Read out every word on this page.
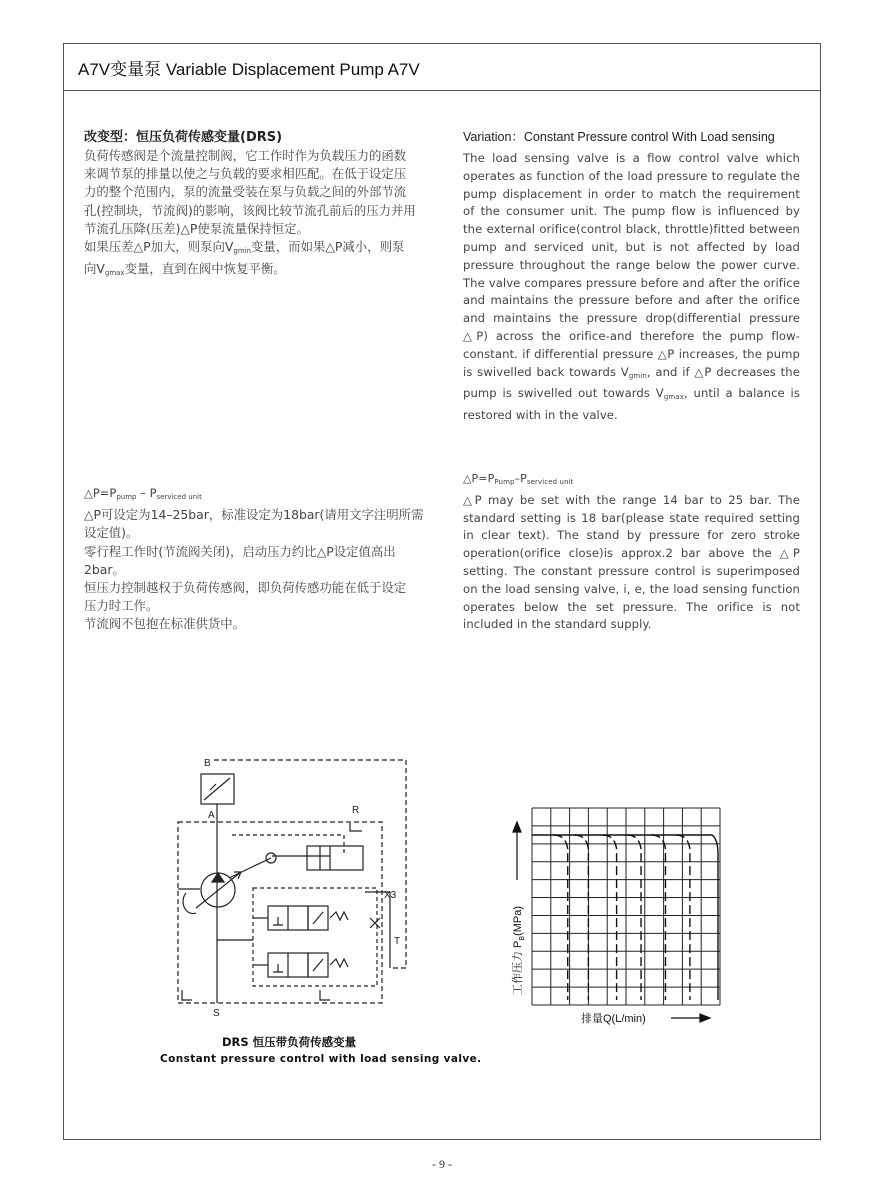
A7V变量泵 Variable Displacement Pump A7V
改变型：恒压负荷传感变量(DRS)

负荷传感阀是个流量控制阀，它工作时作为负载压力的函数

来调节泵的排量以使之与负载的要求相匹配。在低于设定压

力的整个范围内，泵的流量受装在泵与负载之间的外部节流

孔(控制块，节流阀)的影响，该阀比较节流孔前后的压力并用

节流孔压降(压差)△P使泵流量保持恒定。

如果压差△P加大，则泵向$V_{gmin}$变量，而如果△P减小，则泵

向$V_{gmax}$变量，直到在阀中恢复平衡。

Variation：Constant Pressure control With Load sensing
The load sensing valve is a flow control valve which operates as function of the load pressure to regulate the pump displacement in order to match the requirement of the consumer unit. The pump flow is influenced by the external orifice(control black, throttle)fitted between pump and serviced unit, but is not affected by load pressure throughout the range below the power curve. The valve compares pressure before and after the orifice and maintains the pressure before and after the orifice and maintains the pressure drop(differential pressure △P) across the orifice-and therefore the pump flow-constant. if differential pressure △P increases, the pump is swivelled back towards $V_{gmin}$, and if △P decreases the pump is swivelled out towards $V_{gmax}$, until a balance is restored with in the valve.

$\triangle P=P_{pump} - P_{serviced unit}$

△P可设定为14–25bar，标准设定为18bar(请用文字注明所需

设定值)。

零行程工作时(节流阀关闭)，启动压力约比△P设定值高出

2bar。

恒压力控制越权于负荷传感阀，即负荷传感功能在低于设定

压力时工作。

节流阀不包抱在标准供货中。

$\triangle P=P_{Pump}-P_{serviced unit}$
△P may be set with the range 14 bar to 25 bar. The standard setting is 18 bar(please state required setting in clear text). The stand by pressure for zero stroke operation(orifice close)is approx.2 bar above the △P setting. The constant pressure control is superimposed on the load sensing valve, i, e, the load sensing function operates below the set pressure. The orifice is not included in the standard supply.
B
A	R
S
X3
T
DRS 恒压带负荷传感变量
Constant pressure control with load sensing valve.
工作压力 $P_B(MPa)$
排量Q(L/min)
- 9 -
